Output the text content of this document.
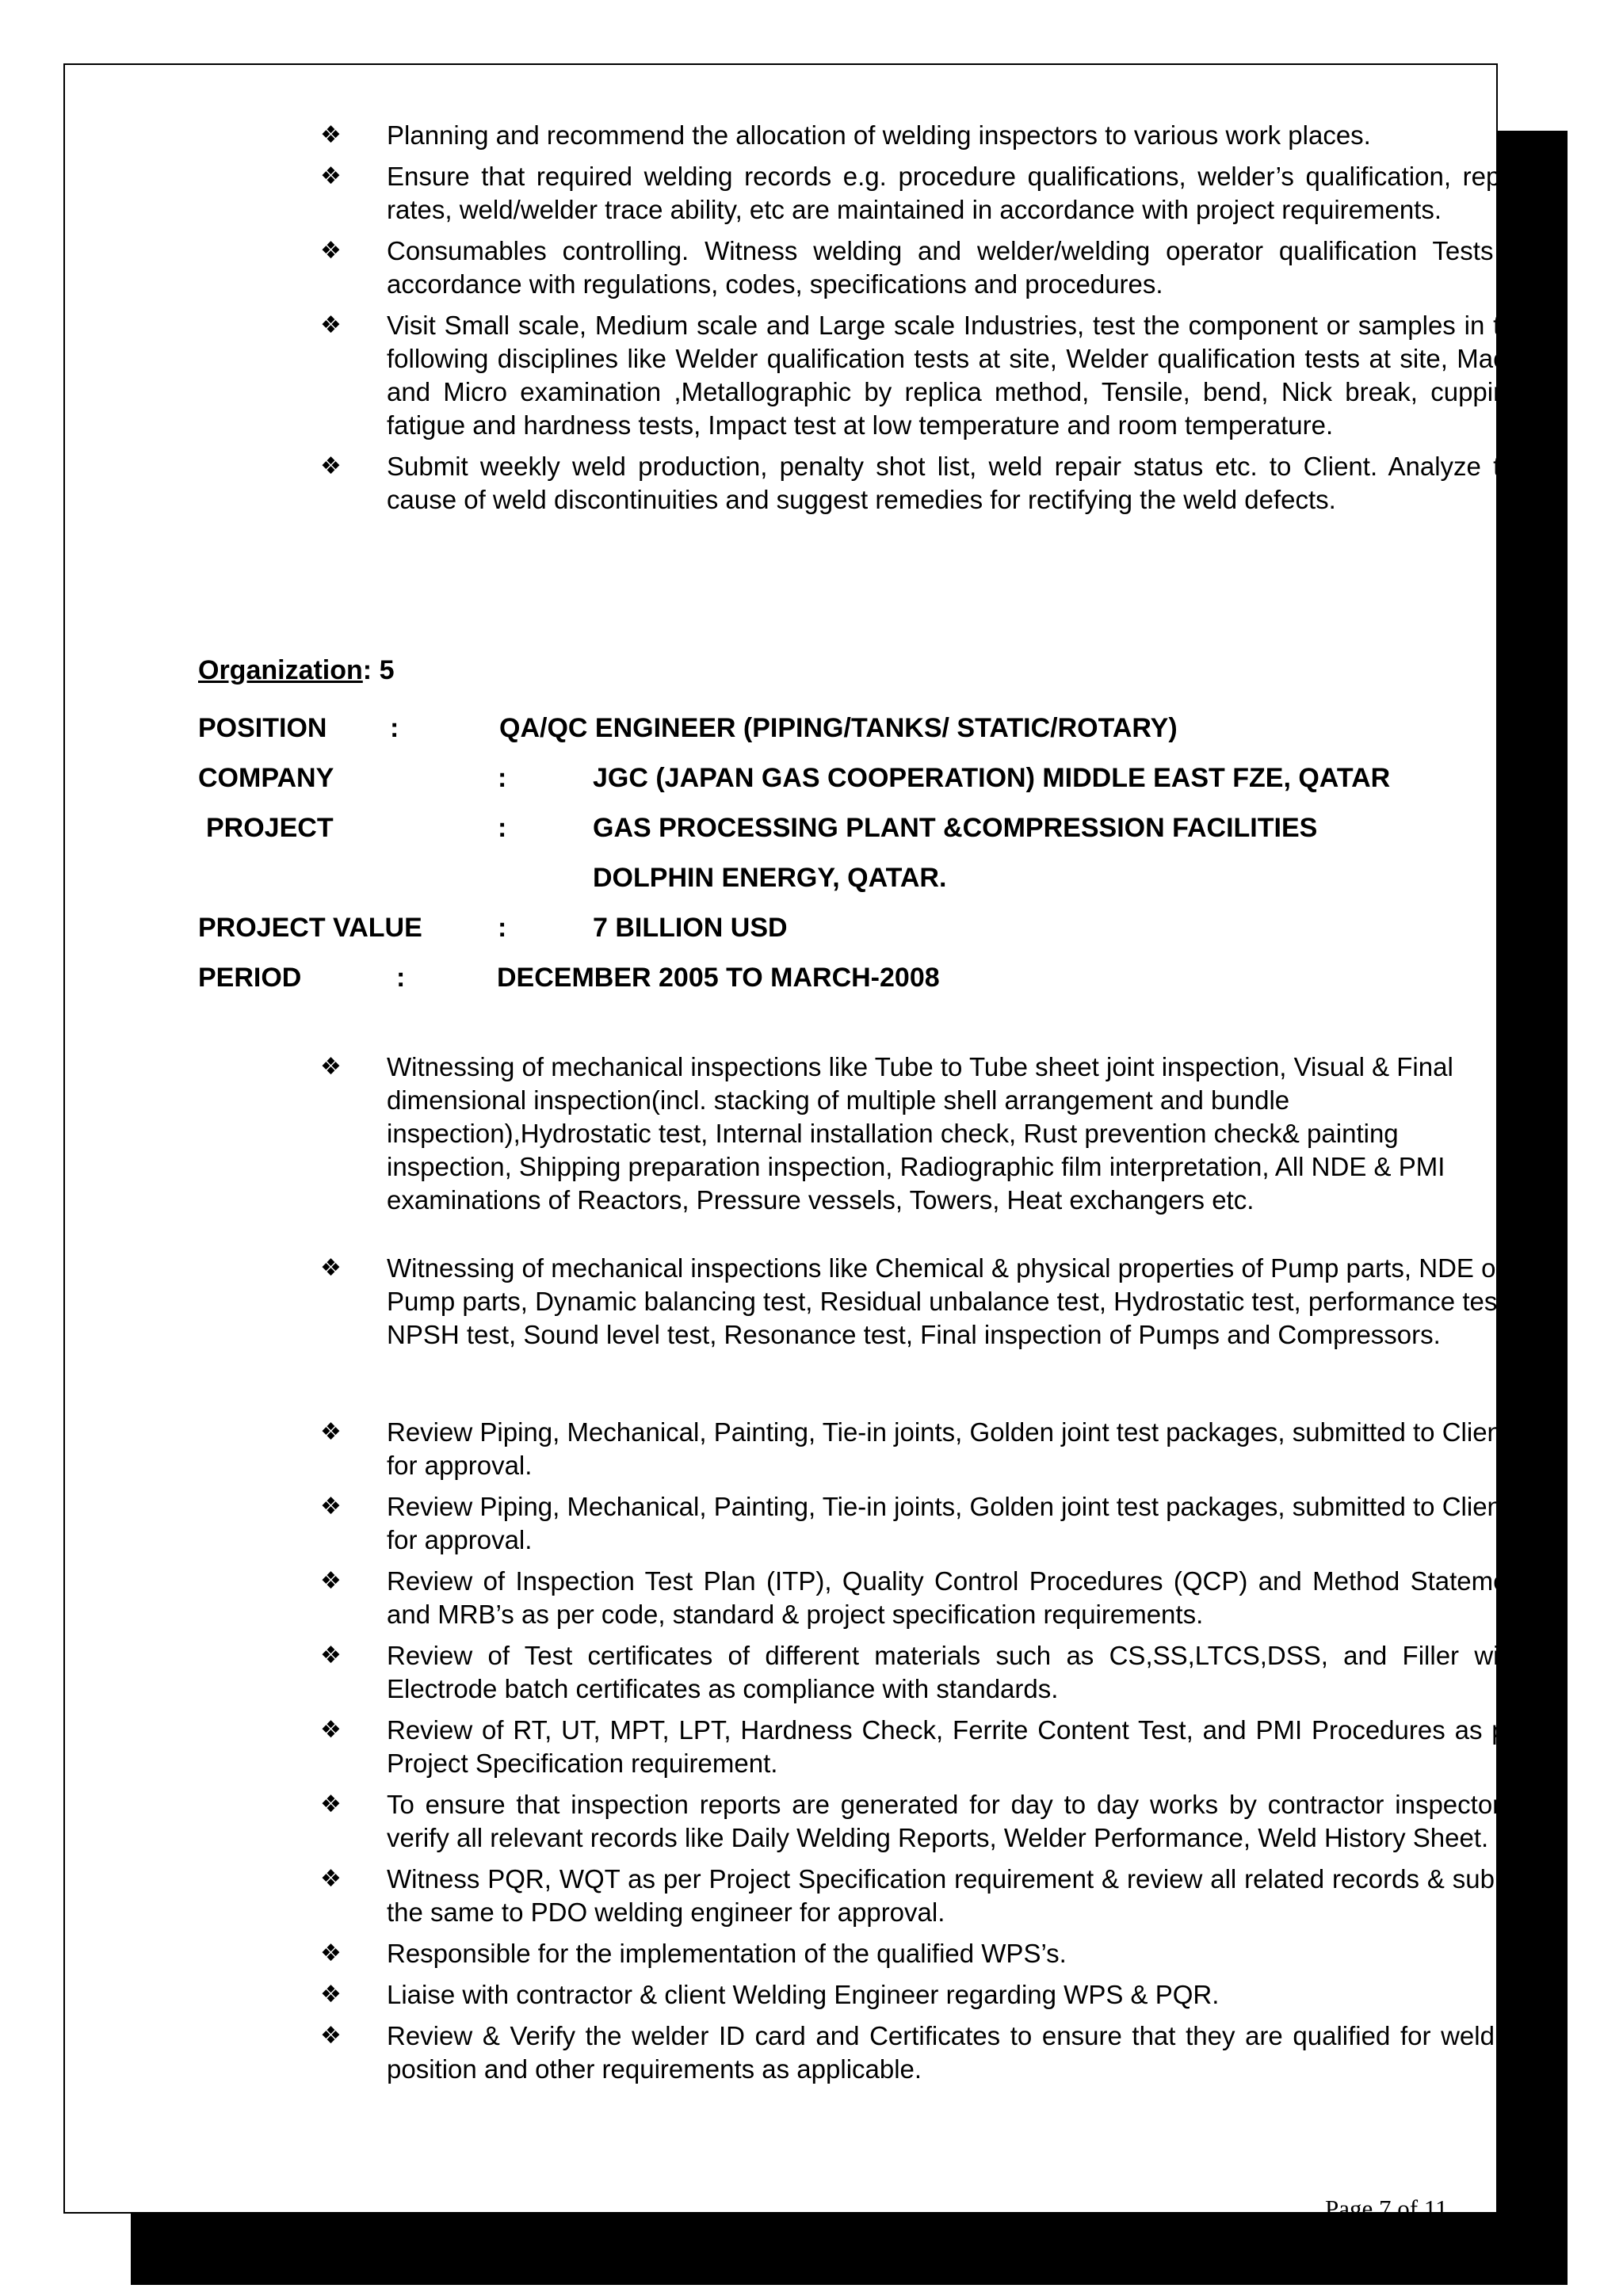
❖ Planning and recommend the allocation of welding inspectors to various work places.
❖ Ensure that required welding records e.g. procedure qualifications, welder’s qualification, repair rates, weld/welder trace ability, etc are maintained in accordance with project requirements.
❖ Consumables controlling. Witness welding and welder/welding operator qualification Tests in accordance with regulations, codes, specifications and procedures.
❖ Visit Small scale, Medium scale and Large scale Industries, test the component or samples in the following disciplines like Welder qualification tests at site, Welder qualification tests at site, Macro and Micro examination ,Metallographic by replica method, Tensile, bend, Nick break, cupping, fatigue and hardness tests, Impact test at low temperature and room temperature.
❖ Submit weekly weld production, penalty shot list, weld repair status etc. to Client. Analyze the cause of weld discontinuities and suggest remedies for rectifying the weld defects.
Organization: 5
POSITION :	QA/QC ENGINEER (PIPING/TANKS/ STATIC/ROTARY)
COMPANY	:	JGC (JAPAN GAS COOPERATION) MIDDLE EAST FZE, QATAR
PROJECT	:	GAS PROCESSING PLANT &COMPRESSION FACILITIES
DOLPHIN ENERGY, QATAR.
PROJECT VALUE	:	7 BILLION USD
PERIOD	:	DECEMBER 2005 TO MARCH-2008
❖ Witnessing of mechanical inspections like Tube to Tube sheet joint inspection, Visual & Final dimensional inspection(incl. stacking of multiple shell arrangement and bundle inspection),Hydrostatic test, Internal installation check, Rust prevention check& painting inspection, Shipping preparation inspection, Radiographic film interpretation, All NDE & PMI examinations of Reactors, Pressure vessels, Towers, Heat exchangers etc.
❖ Witnessing of mechanical inspections like Chemical & physical properties of Pump parts, NDE of Pump parts, Dynamic balancing test, Residual unbalance test, Hydrostatic test, performance test, NPSH test, Sound level test, Resonance test, Final inspection of Pumps and Compressors.
❖ Review Piping, Mechanical, Painting, Tie-in joints, Golden joint test packages, submitted to Client for approval.
❖ Review Piping, Mechanical, Painting, Tie-in joints, Golden joint test packages, submitted to Client for approval.
❖ Review of Inspection Test Plan (ITP), Quality Control Procedures (QCP) and Method Statement and MRB’s as per code, standard & project specification requirements.
❖ Review of Test certificates of different materials such as CS,SS,LTCS,DSS, and Filler wire, Electrode batch certificates as compliance with standards.
❖ Review of RT, UT, MPT, LPT, Hardness Check, Ferrite Content Test, and PMI Procedures as per Project Specification requirement.
❖ To ensure that inspection reports are generated for day to day works by contractor inspector & verify all relevant records like Daily Welding Reports, Welder Performance, Weld History Sheet.
❖ Witness PQR, WQT as per Project Specification requirement & review all related records & submit the same to PDO welding engineer for approval.
❖ Responsible for the implementation of the qualified WPS’s.
❖ Liaise with contractor & client Welding Engineer regarding WPS & PQR.
❖ Review & Verify the welder ID card and Certificates to ensure that they are qualified for welding position and other requirements as applicable.
Page 7 of 11
